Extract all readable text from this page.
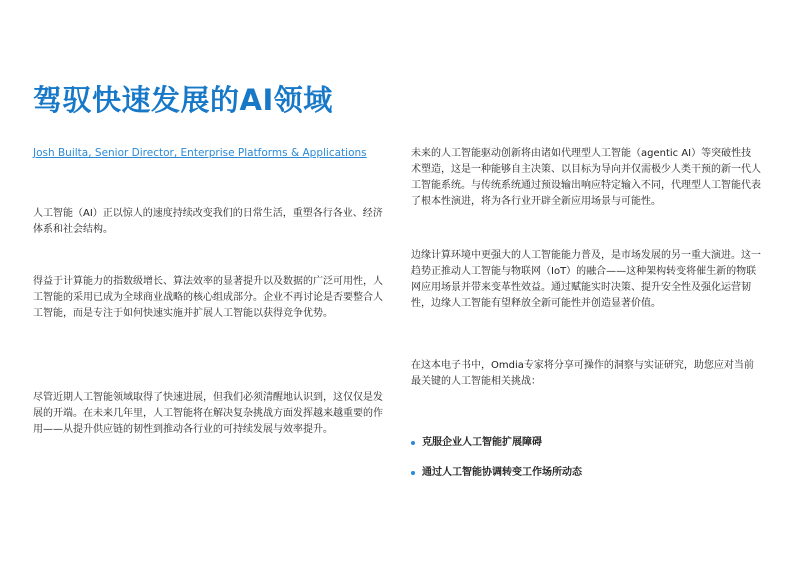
驾驭快速发展的AI领域
Josh Builta, Senior Director, Enterprise Platforms & Applications

人工智能（AI）正以惊人的速度持续改变我们的日常生活，重塑各行各业、经济体系和社会结构。

得益于计算能力的指数级增长、算法效率的显著提升以及数据的广泛可用性，人工智能的采用已成为全球商业战略的核心组成部分。企业不再讨论是否要整合人工智能，而是专注于如何快速实施并扩展人工智能以获得竞争优势。

尽管近期人工智能领域取得了快速进展，但我们必须清醒地认识到，这仅仅是发展的开端。在未来几年里，人工智能将在解决复杂挑战方面发挥越来越重要的作用——从提升供应链的韧性到推动各行业的可持续发展与效率提升。

未来的人工智能驱动创新将由诸如代理型人工智能（agentic AI）等突破性技术塑造，这是一种能够自主决策、以目标为导向并仅需极少人类干预的新一代人工智能系统。与传统系统通过预设输出响应特定输入不同，代理型人工智能代表了根本性演进，将为各行业开辟全新应用场景与可能性。

边缘计算环境中更强大的人工智能能力普及，是市场发展的另一重大演进。这一趋势正推动人工智能与物联网（IoT）的融合——这种架构转变将催生新的物联网应用场景并带来变革性效益。通过赋能实时决策、提升安全性及强化运营韧性，边缘人工智能有望释放全新可能性并创造显著价值。

在这本电子书中，Omdia专家将分享可操作的洞察与实证研究，助您应对当前最关键的人工智能相关挑战：

克服企业人工智能扩展障碍
通过人工智能协调转变工作场所动态
